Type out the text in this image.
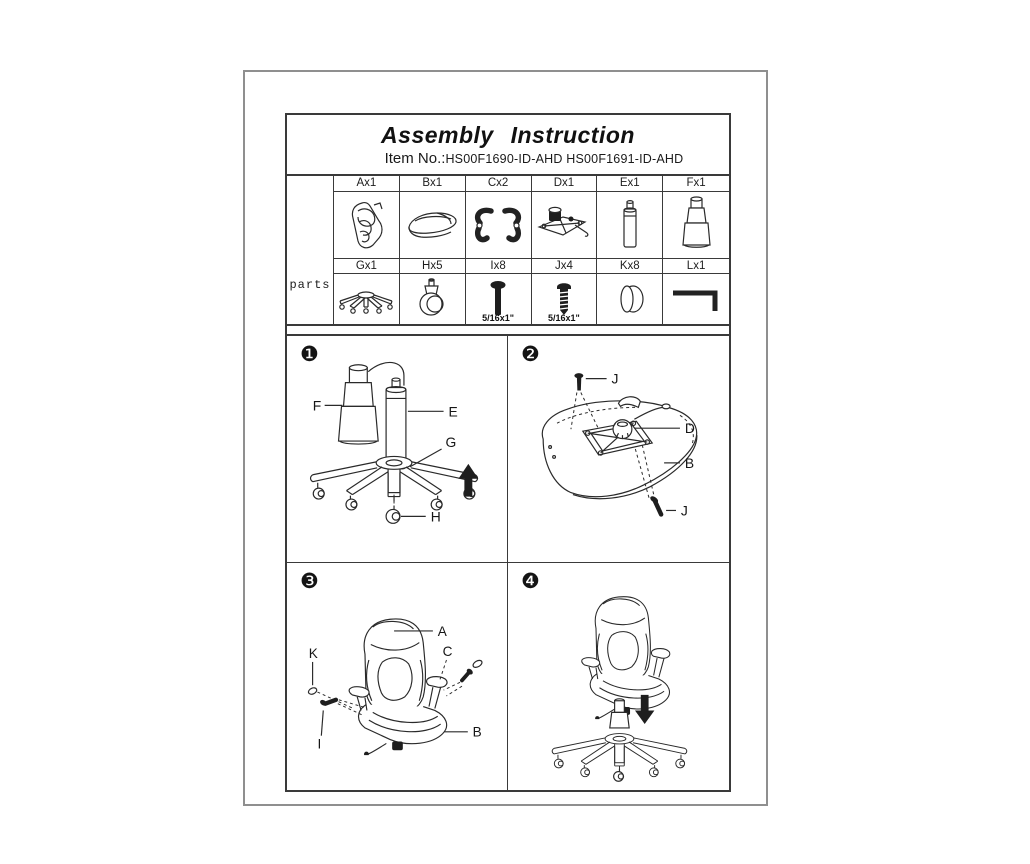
Assembly Instruction
Item No.:HS00F1690-ID-AHD HS00F1691-ID-AHD
parts
Ax1	Bx1	Cx2	Dx1	Ex1	Fx1
Gx1	Hx5	Ix8	Jx4	Kx8	Lx1
5/16x1"	5/16x1"
❶
F	E
G
H
❷
J
J
D
B
❸
A
C
K
I
B
❹
